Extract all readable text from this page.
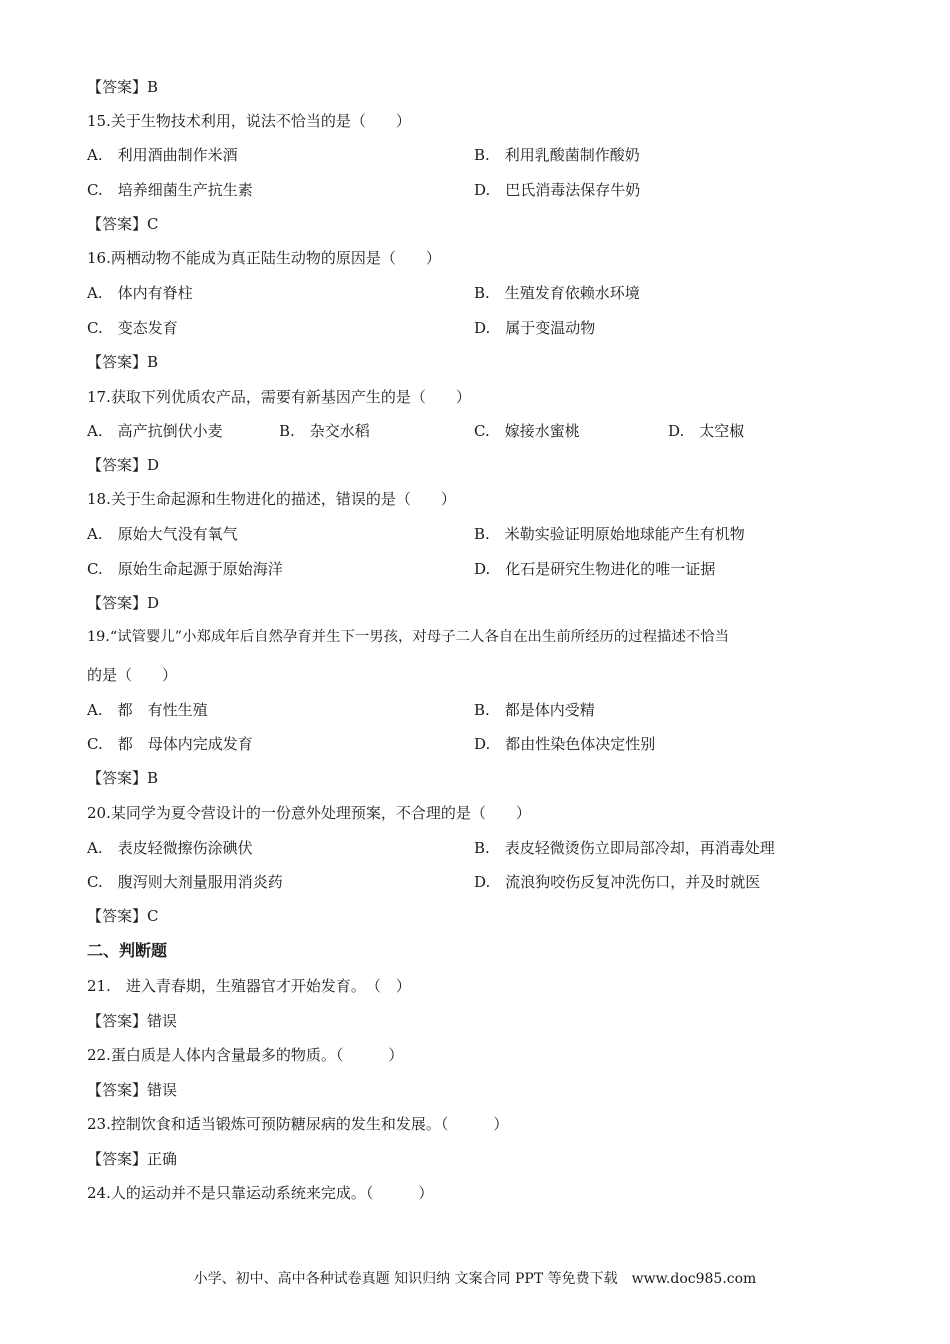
【答案】B
15.关于生物技术利用，说法不恰当的是（　　）
A.　利用酒曲制作米酒	B.　利用乳酸菌制作酸奶
C.　培养细菌生产抗生素	D.　巴氏消毒法保存牛奶
【答案】C
16.两栖动物不能成为真正陆生动物的原因是（　　）
A.　体内有脊柱	B.　生殖发育依赖水环境
C.　变态发育	D.　属于变温动物
【答案】B
17.获取下列优质农产品，需要有新基因产生的是（　　）
A.　高产抗倒伏小麦	B.　杂交水稻	C.　嫁接水蜜桃	D.　太空椒
【答案】D
18.关于生命起源和生物进化的描述，错误的是（　　）
A.　原始大气没有氧气	B.　米勒实验证明原始地球能产生有机物
C.　原始生命起源于原始海洋	D.　化石是研究生物进化的唯一证据
【答案】D
19.“试管婴儿”小郑成年后自然孕育并生下一男孩，对母子二人各自在出生前所经历的过程描述不恰当
的是（　　）
A.　都　有性生殖	B.　都是体内受精
C.　都　母体内完成发育	D.　都由性染色体决定性别
【答案】B
20.某同学为夏令营设计的一份意外处理预案，不合理的是（　　）
A.　表皮轻微擦伤涂碘伏	B.　表皮轻微烫伤立即局部冷却，再消毒处理
C.　腹泻则大剂量服用消炎药	D.　流浪狗咬伤反复冲洗伤口，并及时就医
【答案】C
二、判断题
21.　进入青春期，生殖器官才开始发育。　（　）
【答案】错误
22.蛋白质是人体内含量最多的物质。（　　　）
【答案】错误
23.控制饮食和适当锻炼可预防糖尿病的发生和发展。（　　　）
【答案】正确
24.人的运动并不是只靠运动系统来完成。（　　　）
小学、初中、高中各种试卷真题 知识归纳 文案合同 PPT 等免费下载　www.doc985.com
